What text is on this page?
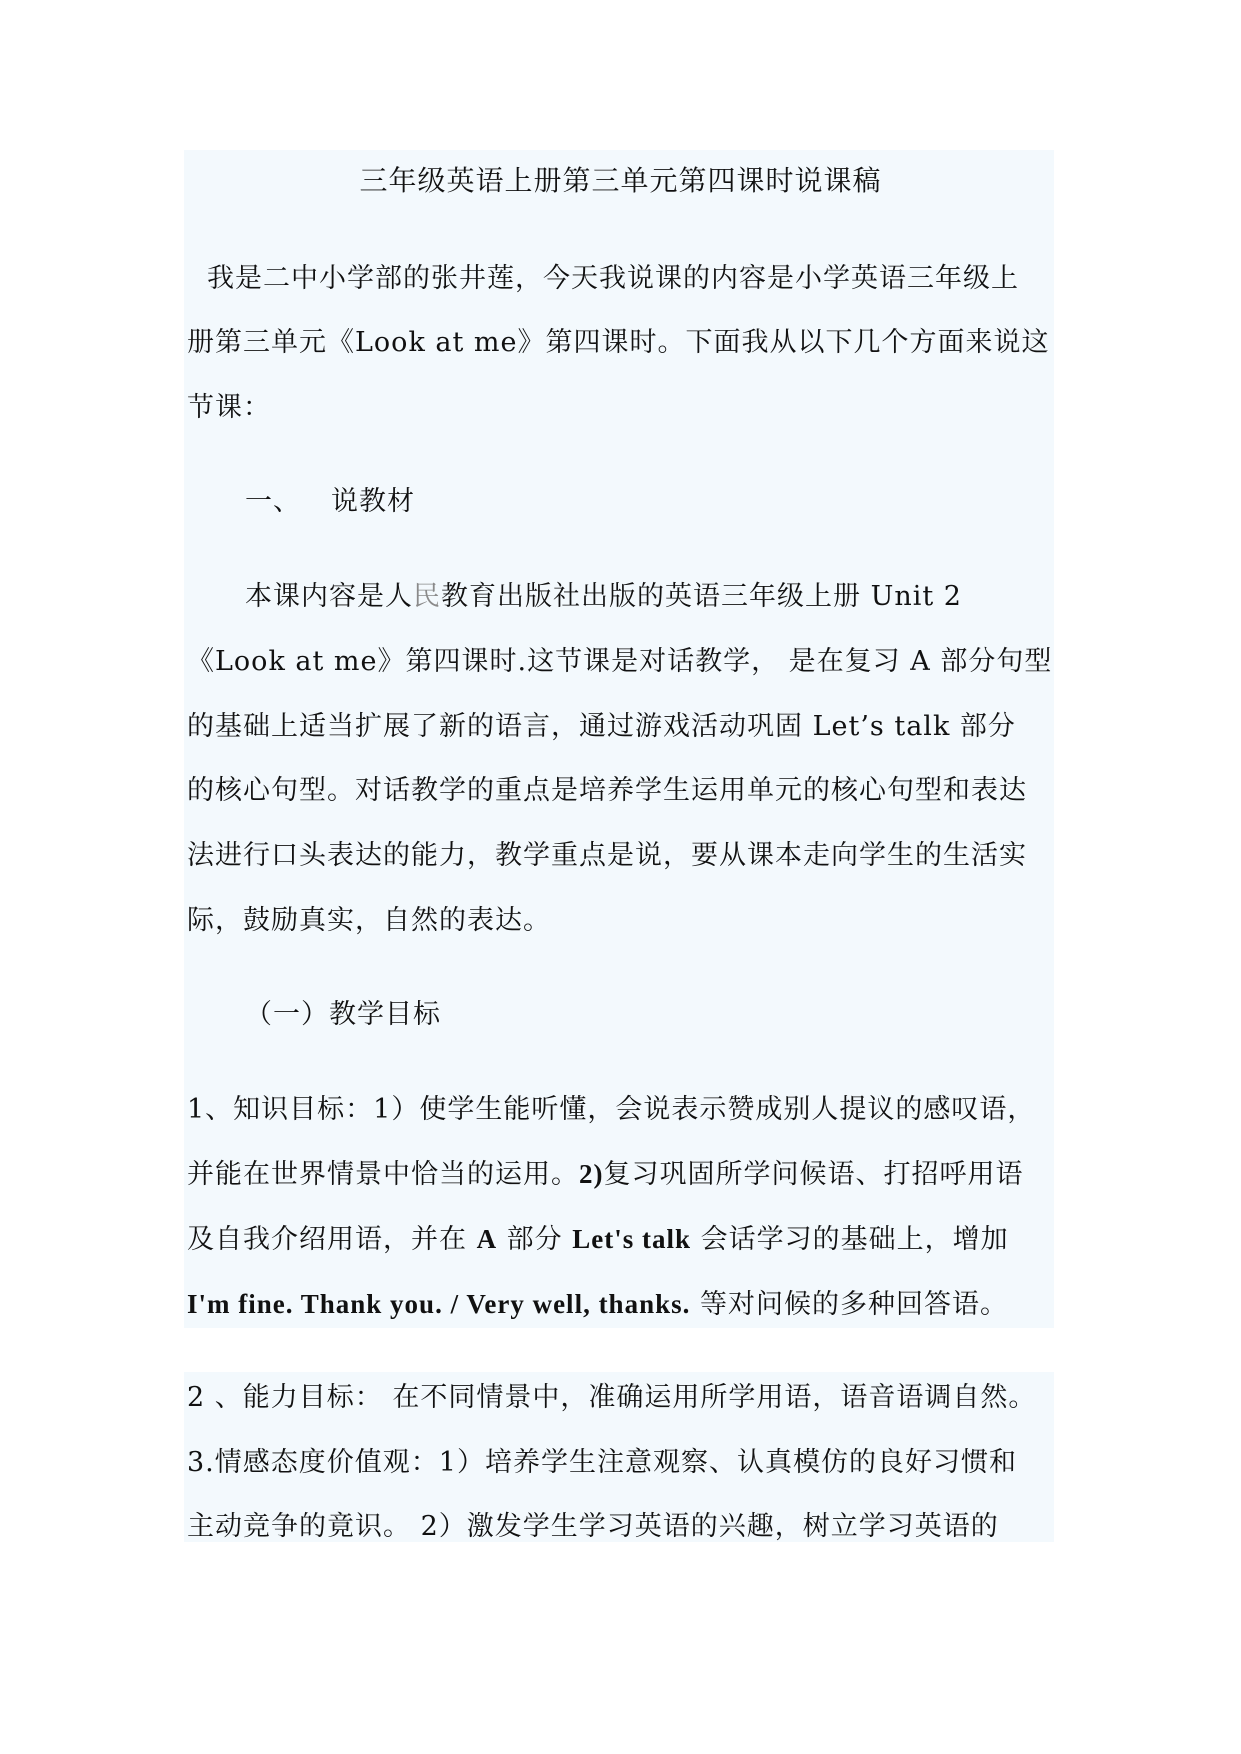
三年级英语上册第三单元第四课时说课稿
我是二中小学部的张井莲，今天我说课的内容是小学英语三年级上
册第三单元《Look at me》第四课时。下面我从以下几个方面来说这
节课：
一、 说教材
本课内容是人民教育出版社出版的英语三年级上册 Unit 2
《Look at me》第四课时.这节课是对话教学， 是在复习 A 部分句型
的基础上适当扩展了新的语言，通过游戏活动巩固 Let’s talk 部分
的核心句型。对话教学的重点是培养学生运用单元的核心句型和表达
法进行口头表达的能力，教学重点是说，要从课本走向学生的生活实
际，鼓励真实，自然的表达。
（一）教学目标
1、知识目标：1）使学生能听懂，会说表示赞成别人提议的感叹语，
并能在世界情景中恰当的运用。2)复习巩固所学问候语、打招呼用语
及自我介绍用语，并在 A 部分 Let's talk 会话学习的基础上，增加
I'm fine. Thank you. / Very well, thanks. 等对问候的多种回答语。
2 、能力目标： 在不同情景中，准确运用所学用语，语音语调自然。
3.情感态度价值观：1）培养学生注意观察、认真模仿的良好习惯和
主动竞争的竟识。 2）激发学生学习英语的兴趣，树立学习英语的
